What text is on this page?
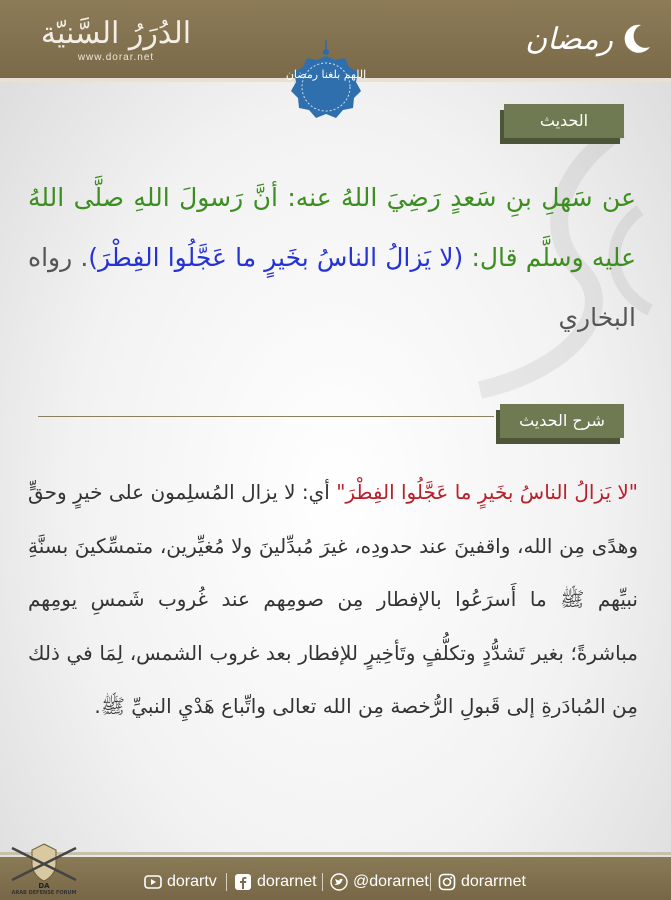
الدُرَرُ السَّنيّة
www.dorar.net
رمضان
اللهم بلغنا رمضان
الحديث
عن سَهلِ بنِ سَعدٍ رَضِيَ اللهُ عنه: أنَّ رَسولَ اللهِ صلَّى اللهُ عليه وسلَّم قال: (لا يَزالُ الناسُ بخَيرٍ ما عَجَّلُوا الفِطْرَ). رواه البخاري
شرح الحديث
"لا يَزالُ الناسُ بخَيرٍ ما عَجَّلُوا الفِطْرَ" أي: لا يزال المُسلِمون على خيرٍ وحقٍّ وهدًى مِن الله، واقفينَ عند حدودِه، غيرَ مُبدِّلينَ ولا مُغيِّرين، متمسِّكينَ بسنَّةِ نبيِّهم ﷺ ما أَسرَعُوا بالإفطار مِن صومِهم عند غُروب شَمسِ يومِهم مباشرةً؛ بغير تَشدُّدٍ وتكلُّفٍ وتَأخِيرٍ للإفطار بعد غروب الشمس، لِمَا في ذلك مِن المُبادَرةِ إلى قَبولِ الرُّخصة مِن الله تعالى واتِّباع هَدْيِ النبيِّ ﷺ.
dorartv	dorarnet @dorarnet dorarrnet
DA
ARAB DEFENSE FORUM
